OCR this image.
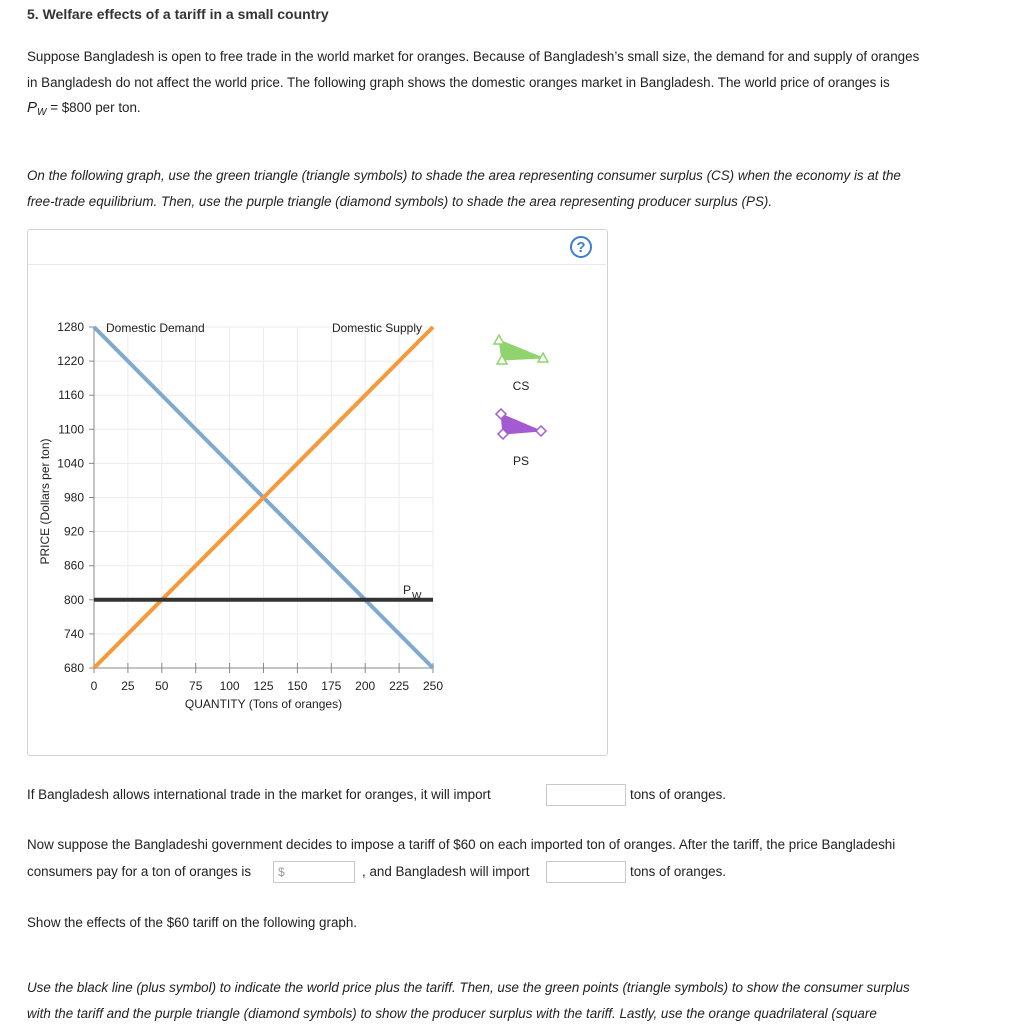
5. Welfare effects of a tariff in a small country
Suppose Bangladesh is open to free trade in the world market for oranges. Because of Bangladesh’s small size, the demand for and supply of oranges
in Bangladesh do not affect the world price. The following graph shows the domestic oranges market in Bangladesh. The world price of oranges is
$P_W$ = $800 per ton.
On the following graph, use the green triangle (triangle symbols) to shade the area representing consumer surplus (CS) when the economy is at the
free-trade equilibrium. Then, use the purple triangle (diamond symbols) to shade the area representing producer surplus (PS).
?
680
740
800
860
920
980
1040
1100
1160
1220
1280
0 25 50 75 100 125 150 175 200 225 250
QUANTITY (Tons of oranges)
PRICE (Dollars per ton)
Domestic Demand	Domestic Supply
P W
CS
PS
If Bangladesh allows international trade in the market for oranges, it will import	tons of oranges.
Now suppose the Bangladeshi government decides to impose a tariff of $60 on each imported ton of oranges. After the tariff, the price Bangladeshi
consumers pay for a ton of oranges is	$	, and Bangladesh will import	tons of oranges.
Show the effects of the $60 tariff on the following graph.
Use the black line (plus symbol) to indicate the world price plus the tariff. Then, use the green points (triangle symbols) to show the consumer surplus
with the tariff and the purple triangle (diamond symbols) to show the producer surplus with the tariff. Lastly, use the orange quadrilateral (square
